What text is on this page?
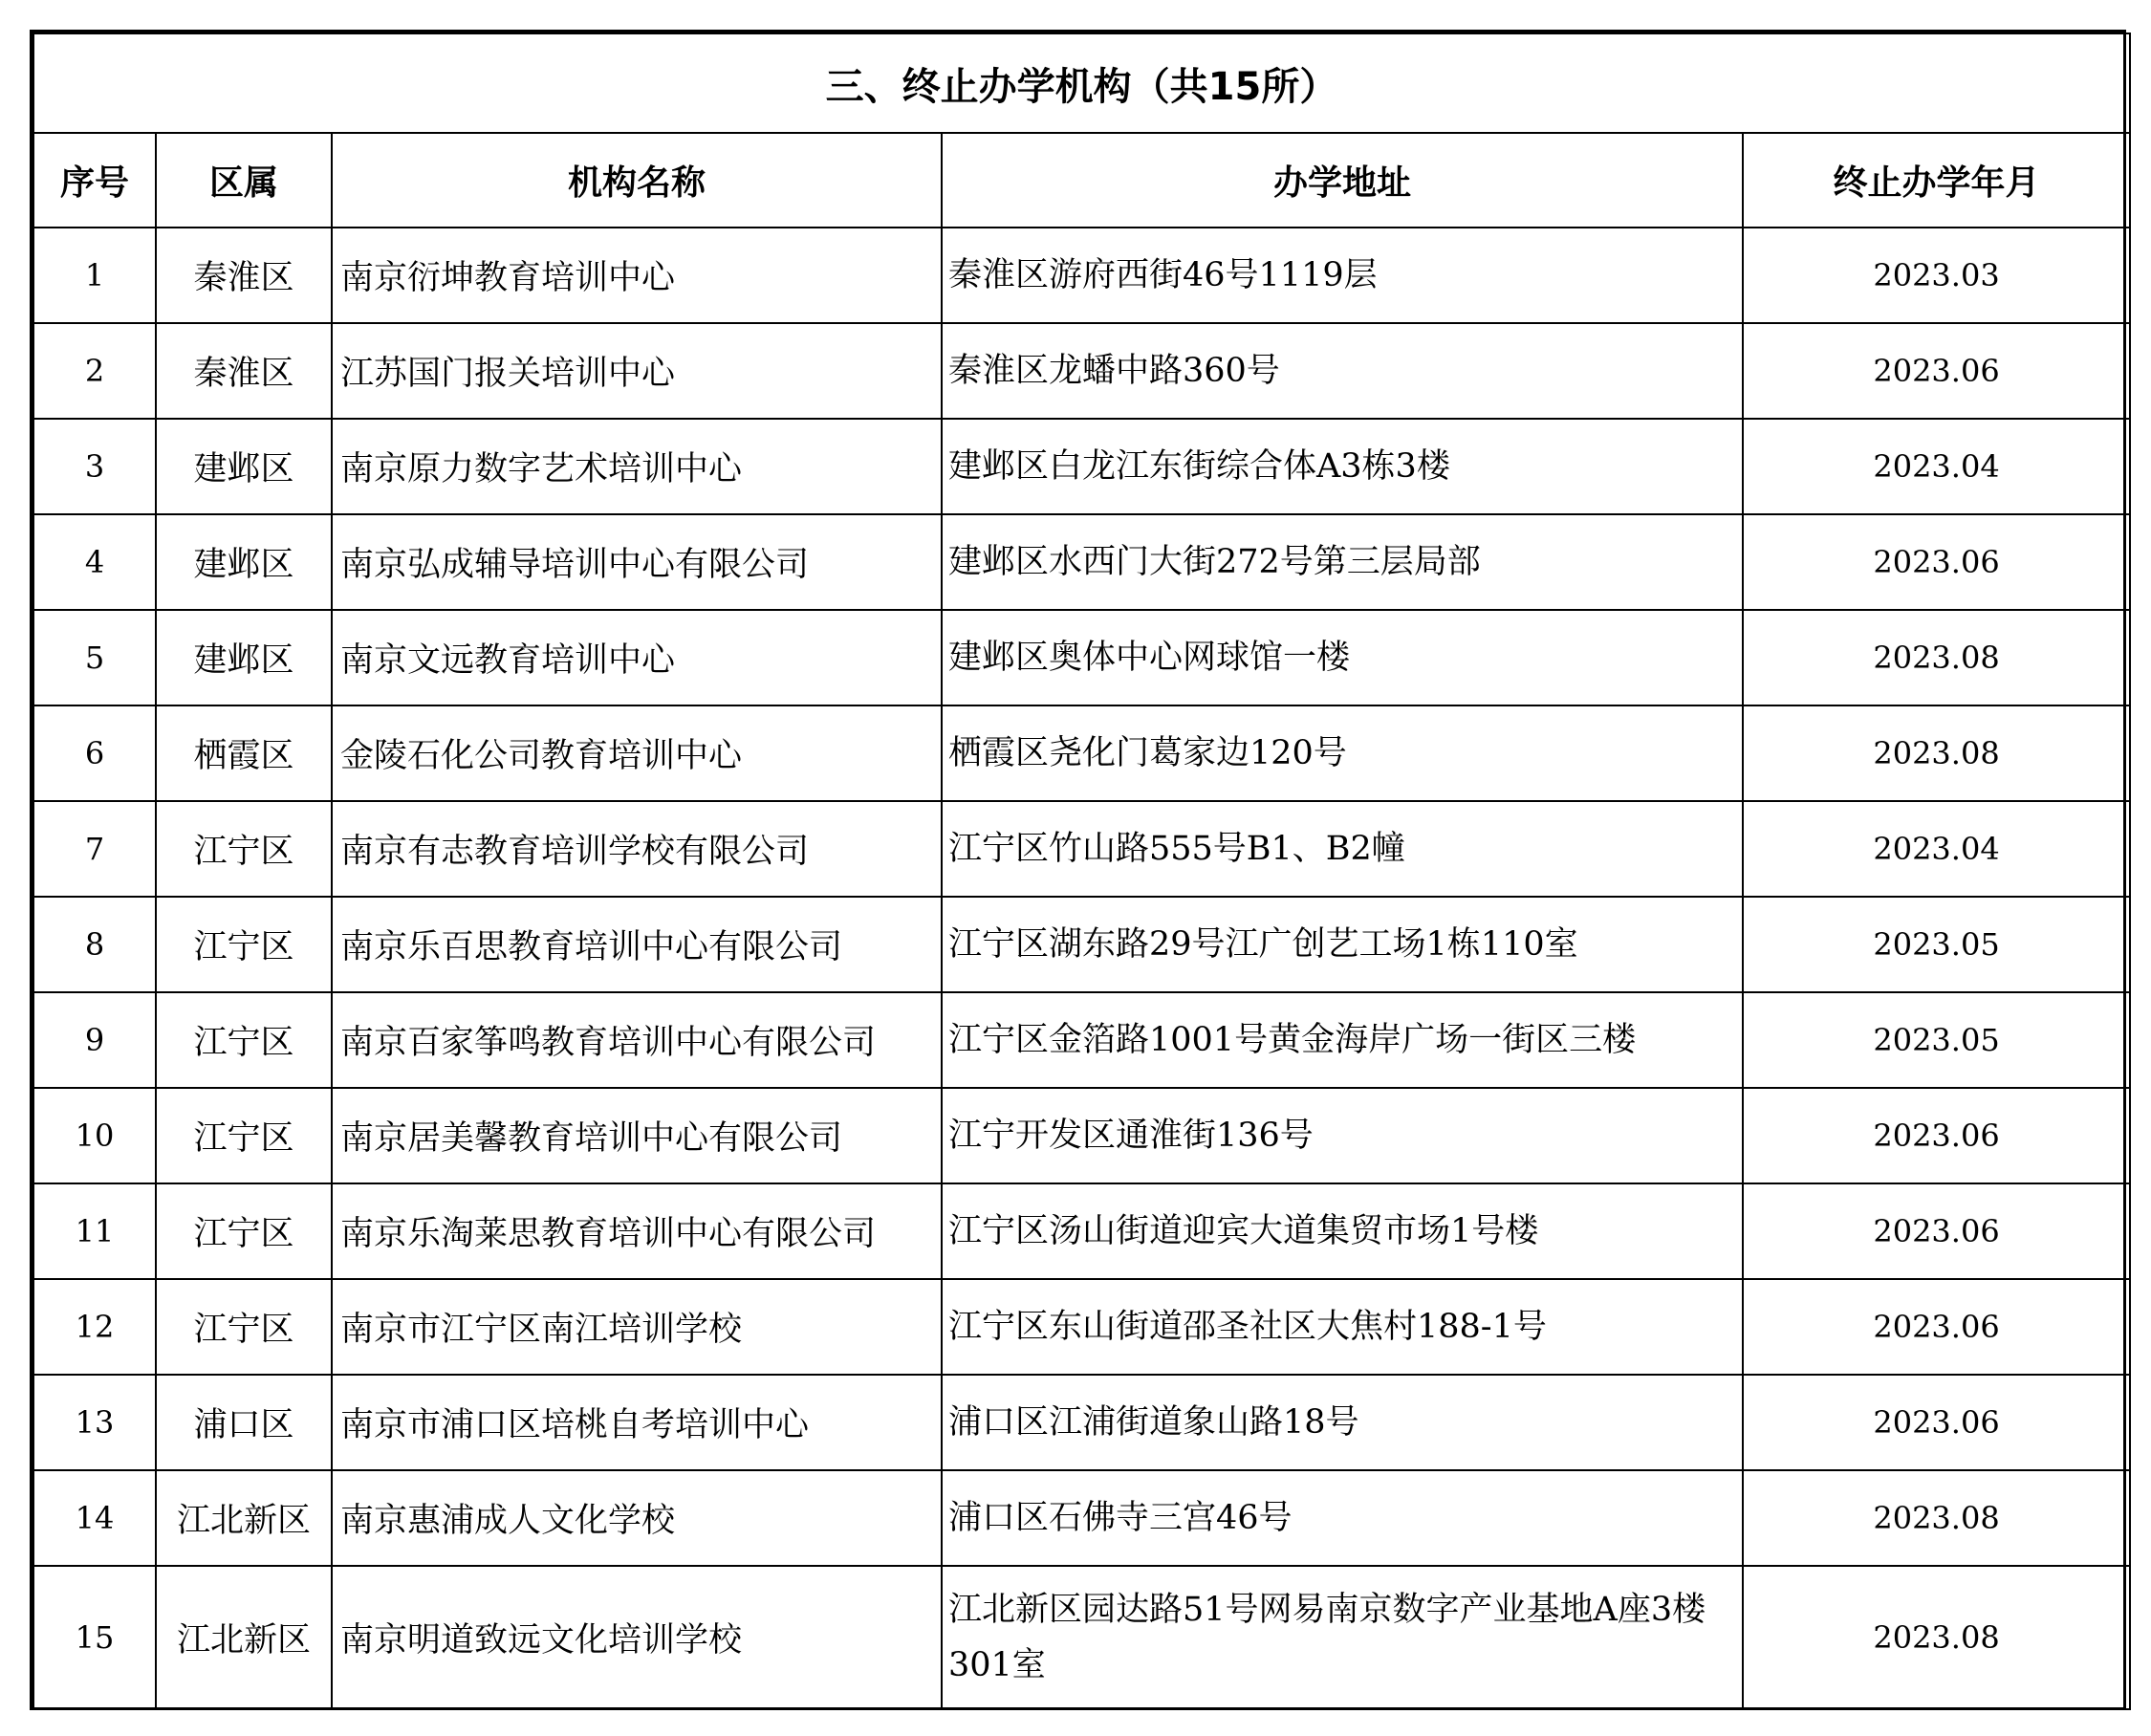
三、终止办学机构（共15所）				
序号	区属	机构名称	办学地址	终止办学年月
1	秦淮区	南京衍坤教育培训中心	秦淮区游府西街46号1119层	2023.03
2	秦淮区	江苏国门报关培训中心	秦淮区龙蟠中路360号	2023.06
3	建邺区	南京原力数字艺术培训中心	建邺区白龙江东街综合体A3栋3楼	2023.04
4	建邺区	南京弘成辅导培训中心有限公司	建邺区水西门大街272号第三层局部	2023.06
5	建邺区	南京文远教育培训中心	建邺区奥体中心网球馆一楼	2023.08
6	栖霞区	金陵石化公司教育培训中心	栖霞区尧化门葛家边120号	2023.08
7	江宁区	南京有志教育培训学校有限公司	江宁区竹山路555号B1、B2幢	2023.04
8	江宁区	南京乐百思教育培训中心有限公司	江宁区湖东路29号江广创艺工场1栋110室	2023.05
9	江宁区	南京百家筝鸣教育培训中心有限公司	江宁区金箔路1001号黄金海岸广场一街区三楼	2023.05
10	江宁区	南京居美馨教育培训中心有限公司	江宁开发区通淮街136号	2023.06
11	江宁区	南京乐淘莱思教育培训中心有限公司	江宁区汤山街道迎宾大道集贸市场1号楼	2023.06
12	江宁区	南京市江宁区南江培训学校	江宁区东山街道邵圣社区大焦村188-1号	2023.06
13	浦口区	南京市浦口区培桃自考培训中心	浦口区江浦街道象山路18号	2023.06
14	江北新区	南京惠浦成人文化学校	浦口区石佛寺三宫46号	2023.08
15	江北新区	南京明道致远文化培训学校	江北新区园达路51号网易南京数字产业基地A座3楼301室	2023.08
